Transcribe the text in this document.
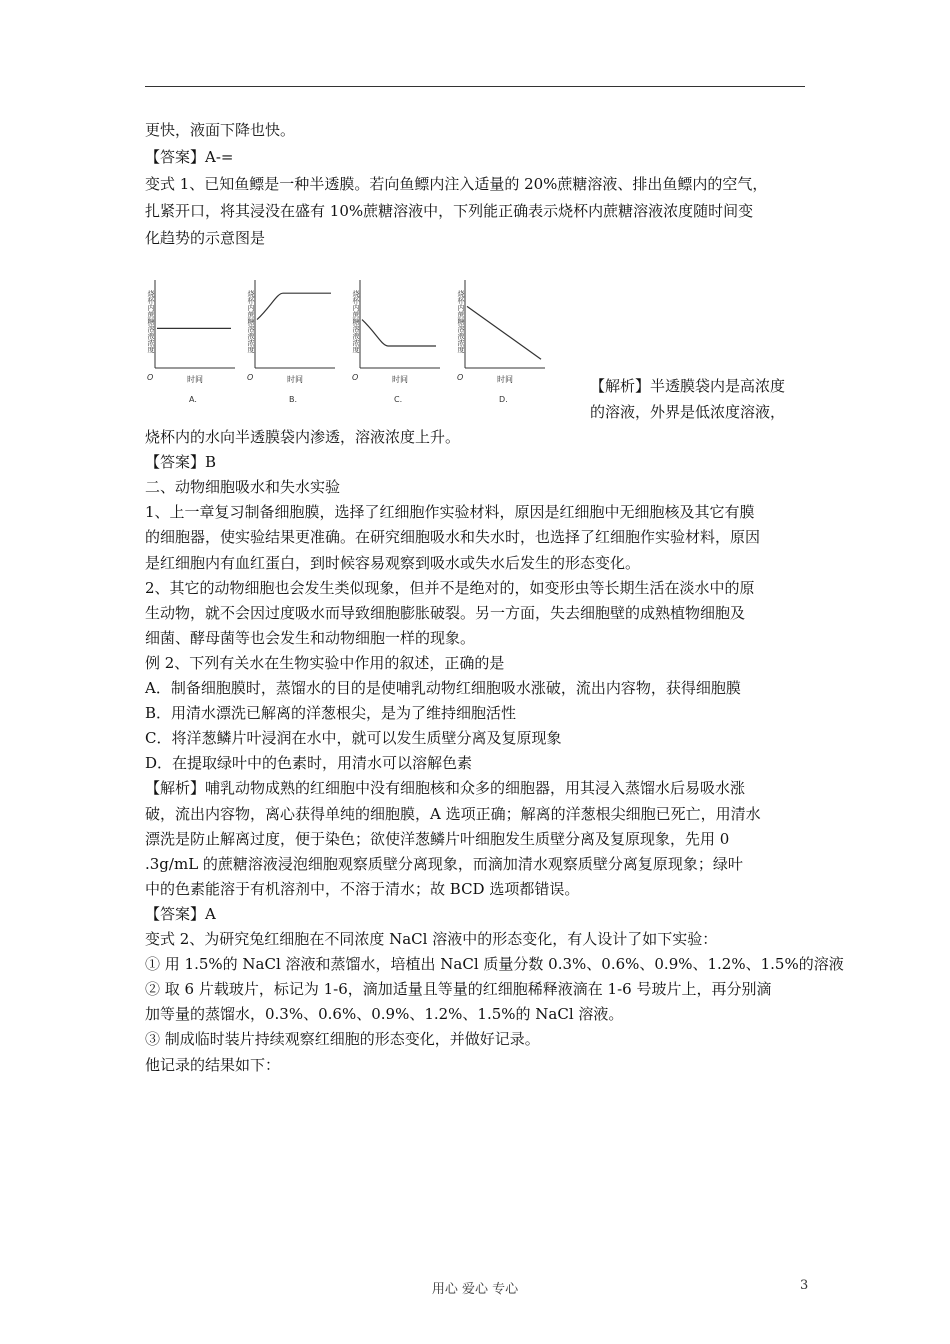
更快，液面下降也快。
【答案】A-=
变式 1、已知鱼鳔是一种半透膜。若向鱼鳔内注入适量的 20%蔗糖溶液、排出鱼鳔内的空气，
扎紧开口，将其浸没在盛有 10%蔗糖溶液中，下列能正确表示烧杯内蔗糖溶液浓度随时间变
化趋势的示意图是
烧杯内蔗糖溶液浓度
O	时间
A.
烧杯内蔗糖溶液浓度
O	时间
B.
烧杯内蔗糖溶液浓度
O	时间
C.
烧杯内蔗糖溶液浓度
O	时间
D.
【解析】半透膜袋内是高浓度
的溶液，外界是低浓度溶液，
烧杯内的水向半透膜袋内渗透，溶液浓度上升。
【答案】B
二、动物细胞吸水和失水实验
1、上一章复习制备细胞膜，选择了红细胞作实验材料，原因是红细胞中无细胞核及其它有膜
的细胞器，使实验结果更准确。在研究细胞吸水和失水时，也选择了红细胞作实验材料，原因
是红细胞内有血红蛋白，到时候容易观察到吸水或失水后发生的形态变化。
2、其它的动物细胞也会发生类似现象，但并不是绝对的，如变形虫等长期生活在淡水中的原
生动物，就不会因过度吸水而导致细胞膨胀破裂。另一方面，失去细胞壁的成熟植物细胞及
细菌、酵母菌等也会发生和动物细胞一样的现象。
例 2、下列有关水在生物实验中作用的叙述，正确的是
A．制备细胞膜时，蒸馏水的目的是使哺乳动物红细胞吸水涨破，流出内容物，获得细胞膜
B．用清水漂洗已解离的洋葱根尖，是为了维持细胞活性
C．将洋葱鳞片叶浸润在水中，就可以发生质壁分离及复原现象
D．在提取绿叶中的色素时，用清水可以溶解色素
【解析】哺乳动物成熟的红细胞中没有细胞核和众多的细胞器，用其浸入蒸馏水后易吸水涨
破，流出内容物，离心获得单纯的细胞膜，A 选项正确；解离的洋葱根尖细胞已死亡，用清水
漂洗是防止解离过度，便于染色；欲使洋葱鳞片叶细胞发生质壁分离及复原现象，先用 0
.3g/mL 的蔗糖溶液浸泡细胞观察质壁分离现象，而滴加清水观察质壁分离复原现象；绿叶
中的色素能溶于有机溶剂中，不溶于清水；故 BCD 选项都错误。
【答案】A
变式 2、为研究兔红细胞在不同浓度 NaCl 溶液中的形态变化，有人设计了如下实验：
① 用 1.5%的 NaCl 溶液和蒸馏水，培植出 NaCl 质量分数 0.3%、0.6%、0.9%、1.2%、1.5%的溶液
② 取 6 片载玻片，标记为 1-6，滴加适量且等量的红细胞稀释液滴在 1-6 号玻片上，再分别滴
加等量的蒸馏水，0.3%、0.6%、0.9%、1.2%、1.5%的 NaCl 溶液。
③ 制成临时装片持续观察红细胞的形态变化，并做好记录。
他记录的结果如下：
用心 爱心 专心	3
